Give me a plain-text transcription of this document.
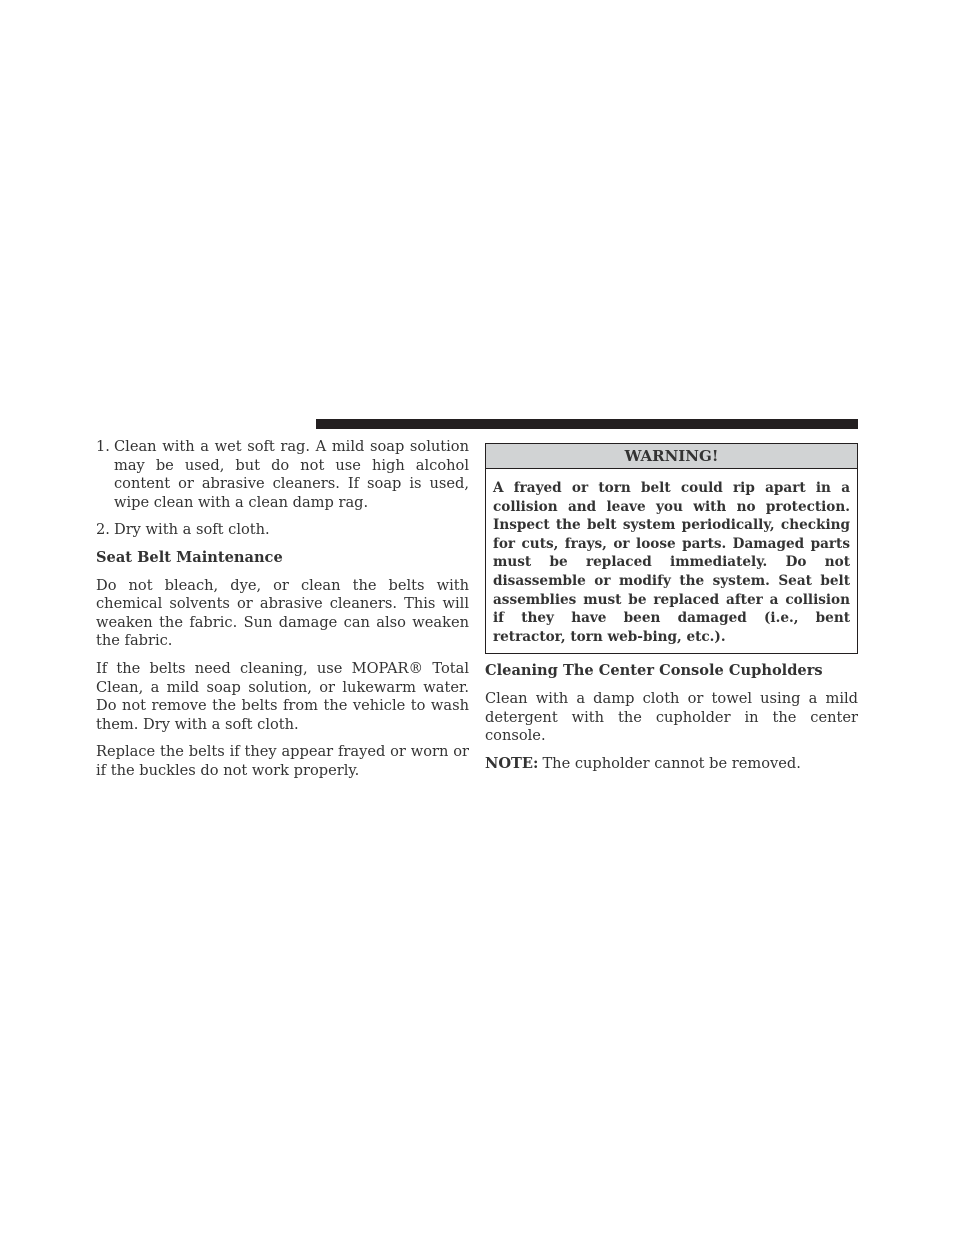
1. Clean with a wet soft rag. A mild soap solution may be used, but do not use high alcohol content or abrasive cleaners. If soap is used, wipe clean with a clean damp rag.
2. Dry with a soft cloth.
Seat Belt Maintenance

Do not bleach, dye, or clean the belts with chemical solvents or abrasive cleaners. This will weaken the fabric. Sun damage can also weaken the fabric.

If the belts need cleaning, use MOPAR® Total Clean, a mild soap solution, or lukewarm water. Do not remove the belts from the vehicle to wash them. Dry with a soft cloth.

Replace the belts if they appear frayed or worn or if the buckles do not work properly.

WARNING!
A frayed or torn belt could rip apart in a collision and leave you with no protection. Inspect the belt system periodically, checking for cuts, frays, or loose parts. Damaged parts must be replaced immediately. Do not disassemble or modify the system. Seat belt assemblies must be replaced after a collision if they have been damaged (i.e., bent retractor, torn web-bing, etc.).
Cleaning The Center Console Cupholders

Clean with a damp cloth or towel using a mild detergent with the cupholder in the center console.

NOTE: The cupholder cannot be removed.
